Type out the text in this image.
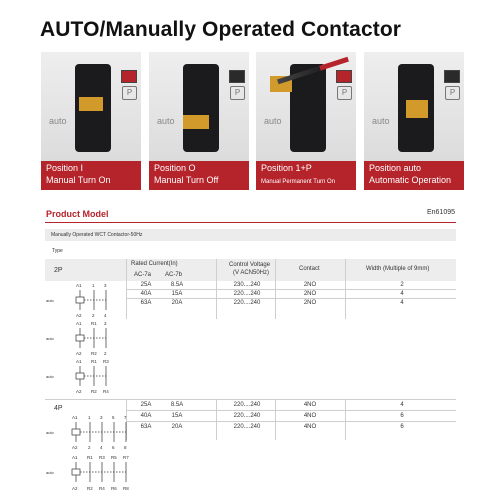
AUTO/Manually Operated Contactor
auto
P
Position I
Manual Turn On
auto
P
Position O
Manual Turn Off
auto
P
Position 1+P
Manual Permanent Turn On
auto
P
Position auto
Automatic Operation
Product Model	En61095
Manually Operated WCT Contactor-50Hz
Type
2P
Rated Current(In)
AC-7a AC-7b
Control Voltage
(V ACN50Hz)
Contact	Width (Multiple of 9mm)
25A	8.5A	230....240	2NO	2
40A	15A	220....240	2NO	4
63A	20A	220....240	2NO	4
4P	25A	8.5A	220....240	4NO	4
40A	15A	220....240	4NO	6
63A	20A	220....240	4NO	6
auto
A1 1 3
A2 2 4
auto
A1 R1 3
A2 R2 2
auto
A1 R1 R3
A2 R2 R4
auto
A1 1 3 5 7
A2 2 4 6 8
auto
A1 R1 R3 R5 R7
A2 R2 R4 R6 R8
